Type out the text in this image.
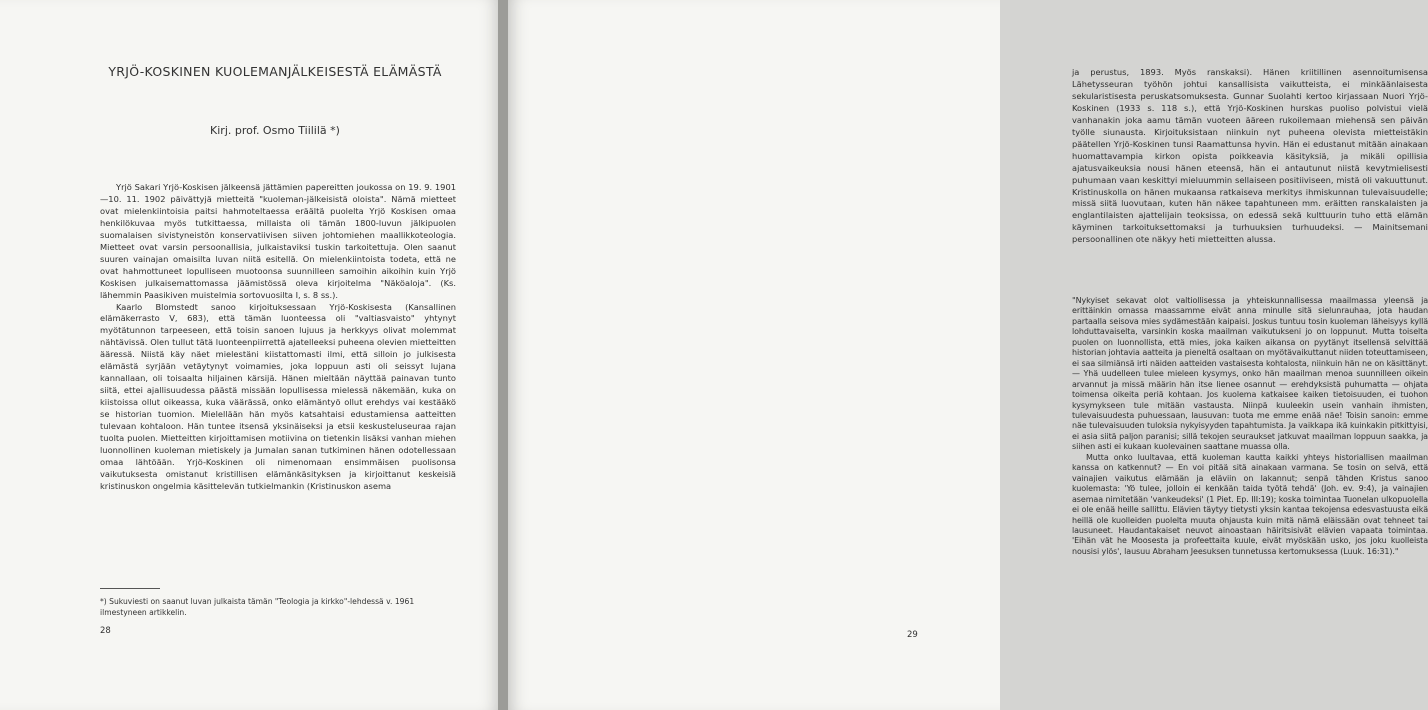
YRJÖ-KOSKINEN KUOLEMANJÄLKEISESTÄ ELÄMÄSTÄ
Kirj. prof. Osmo Tiililä *)

Yrjö Sakari Yrjö-Koskisen jälkeensä jättämien papereitten joukossa on 19. 9. 1901—10. 11. 1902 päivättyjä mietteitä "kuoleman-jälkeisistä oloista". Nämä mietteet ovat mielenkiintoisia paitsi hahmoteltaessa eräältä puolelta Yrjö Koskisen omaa henkilökuvaa myös tutkittaessa, millaista oli tämän 1800-luvun jälkipuolen suomalaisen sivistyneistön konservatiivisen siiven johtomiehen maallikkoteologia. Mietteet ovat varsin persoonallisia, julkaistaviksi tuskin tarkoitettuja. Olen saanut suuren vainajan omaisilta luvan niitä esitellä. On mielenkiintoista todeta, että ne ovat hahmottuneet lopulliseen muotoonsa suunnilleen samoihin aikoihin kuin Yrjö Koskisen julkaisemattomassa jäämistössä oleva kirjoitelma "Näköaloja". (Ks. lähemmin Paasikiven muistelmia sortovuosilta I, s. 8 ss.).

Kaarlo Blomstedt sanoo kirjoituksessaan Yrjö-Koskisesta (Kansallinen elämäkerrasto V, 683), että tämän luonteessa oli "valtiasvaisto" yhtynyt myötätunnon tarpeeseen, että toisin sanoen lujuus ja herkkyys olivat molemmat nähtävissä. Olen tullut tätä luonteenpiirrettä ajatelleeksi puheena olevien mietteitten ääressä. Niistä käy näet mielestäni kiistattomasti ilmi, että silloin jo julkisesta elämästä syrjään vetäytynyt voimamies, joka loppuun asti oli seissyt lujana kannallaan, oli toisaalta hiljainen kärsijä. Hänen mieltään näyttää painavan tunto siitä, ettei ajallisuudessa päästä missään lopullisessa mielessä näkemään, kuka on kiistoissa ollut oikeassa, kuka väärässä, onko elämäntyö ollut erehdys vai kestääkö se historian tuomion. Mielellään hän myös katsahtaisi edustamiensa aatteitten tulevaan kohtaloon. Hän tuntee itsensä yksinäiseksi ja etsii keskusteluseuraa rajan tuolta puolen. Mietteitten kirjoittamisen motiivina on tietenkin lisäksi vanhan miehen luonnollinen kuoleman mietiskely ja Jumalan sanan tutkiminen hänen odotellessaan omaa lähtöään. Yrjö-Koskinen oli nimenomaan ensimmäisen puolisonsa vaikutuksesta omistanut kristillisen elämänkäsityksen ja kirjoittanut keskeisiä kristinuskon ongelmia käsittelevän tutkielmankin (Kristinuskon asema

*) Sukuviesti on saanut luvan julkaista tämän "Teologia ja kirkko"-lehdessä v. 1961 ilmestyneen artikkelin.
28

ja perustus, 1893. Myös ranskaksi). Hänen kriitillinen asennoitumisensa Lähetysseuran työhön johtui kansallisista vaikutteista, ei minkäänlaisesta sekularistisesta peruskatsomuksesta. Gunnar Suolahti kertoo kirjassaan Nuori Yrjö-Koskinen (1933 s. 118 s.), että Yrjö-Koskinen hurskas puoliso polvistui vielä vanhanakin joka aamu tämän vuoteen ääreen rukoilemaan miehensä sen päivän työlle siunausta. Kirjoituksistaan niinkuin nyt puheena olevista mietteistäkin päätellen Yrjö-Koskinen tunsi Raamattunsa hyvin. Hän ei edustanut mitään ainakaan huomattavampia kirkon opista poikkeavia käsityksiä, ja mikäli opillisia ajatusvaikeuksia nousi hänen eteensä, hän ei antautunut niistä kevytmielisesti puhumaan vaan keskittyi mieluummin sellaiseen positiiviseen, mistä oli vakuuttunut. Kristinuskolla on hänen mukaansa ratkaiseva merkitys ihmiskunnan tulevaisuudelle; missä siitä luovutaan, kuten hän näkee tapahtuneen mm. eräitten ranskalaisten ja englantilaisten ajattelijain teoksissa, on edessä sekä kulttuurin tuho että elämän käyminen tarkoituksettomaksi ja turhuuksien turhuudeksi. — Mainitsemani persoonallinen ote näkyy heti mietteitten alussa.

"Nykyiset sekavat olot valtiollisessa ja yhteiskunnallisessa maailmassa yleensä ja erittäinkin omassa maassamme eivät anna minulle sitä sielunrauhaa, jota haudan partaalla seisova mies sydämestään kaipaisi. Joskus tuntuu tosin kuoleman läheisyys kyllä lohduttavaiselta, varsinkin koska maailman vaikutukseni jo on loppunut. Mutta toiselta puolen on luonnollista, että mies, joka kaiken aikansa on pyytänyt itsellensä selvittää historian johtavia aatteita ja pieneltä osaltaan on myötävaikuttanut niiden toteuttamiseen, ei saa silmiänsä irti näiden aatteiden vastaisesta kohtalosta, niinkuin hän ne on käsittänyt. — Yhä uudelleen tulee mieleen kysymys, onko hän maailman menoa suunnilleen oikein arvannut ja missä määrin hän itse lienee osannut — erehdyksistä puhumatta — ohjata toimensa oikeita periä kohtaan. Jos kuolema katkaisee kaiken tietoisuuden, ei tuohon kysymykseen tule mitään vastausta. Niinpä kuuleekin usein vanhain ihmisten, tulevaisuudesta puhuessaan, lausuvan: tuota me emme enää näe! Toisin sanoin: emme näe tulevaisuuden tuloksia nykyisyyden tapahtumista. Ja vaikkapa ikä kuinkakin pitkittyisi, ei asia siitä paljon paranisi; sillä tekojen seuraukset jatkuvat maailman loppuun saakka, ja siihen asti ei kukaan kuolevainen saattane muassa olla.

Mutta onko luultavaa, että kuoleman kautta kaikki yhteys historiallisen maailman kanssa on katkennut? — En voi pitää sitä ainakaan varmana. Se tosin on selvä, että vainajien vaikutus elämään ja eläviin on lakannut; senpä tähden Kristus sanoo kuolemasta: 'Yö tulee, jolloin ei kenkään taida työtä tehdä' (Joh. ev. 9:4), ja vainajien asemaa nimitetään 'vankeudeksi' (1 Piet. Ep. III:19); koska toimintaa Tuonelan ulkopuolella ei ole enää heille sallittu. Elävien täytyy tietysti yksin kantaa tekojensa edesvastuusta eikä heillä ole kuolleiden puolelta muuta ohjausta kuin mitä nämä eläissään ovat tehneet tai lausuneet. Haudantakaiset neuvot ainoastaan häiritsisivät elävien vapaata toimintaa. 'Eihän vät he Moosesta ja profeettaita kuule, eivät myöskään usko, jos joku kuolleista nousisi ylös', lausuu Abraham Jeesuksen tunnetussa kertomuksessa (Luuk. 16:31)."

29
